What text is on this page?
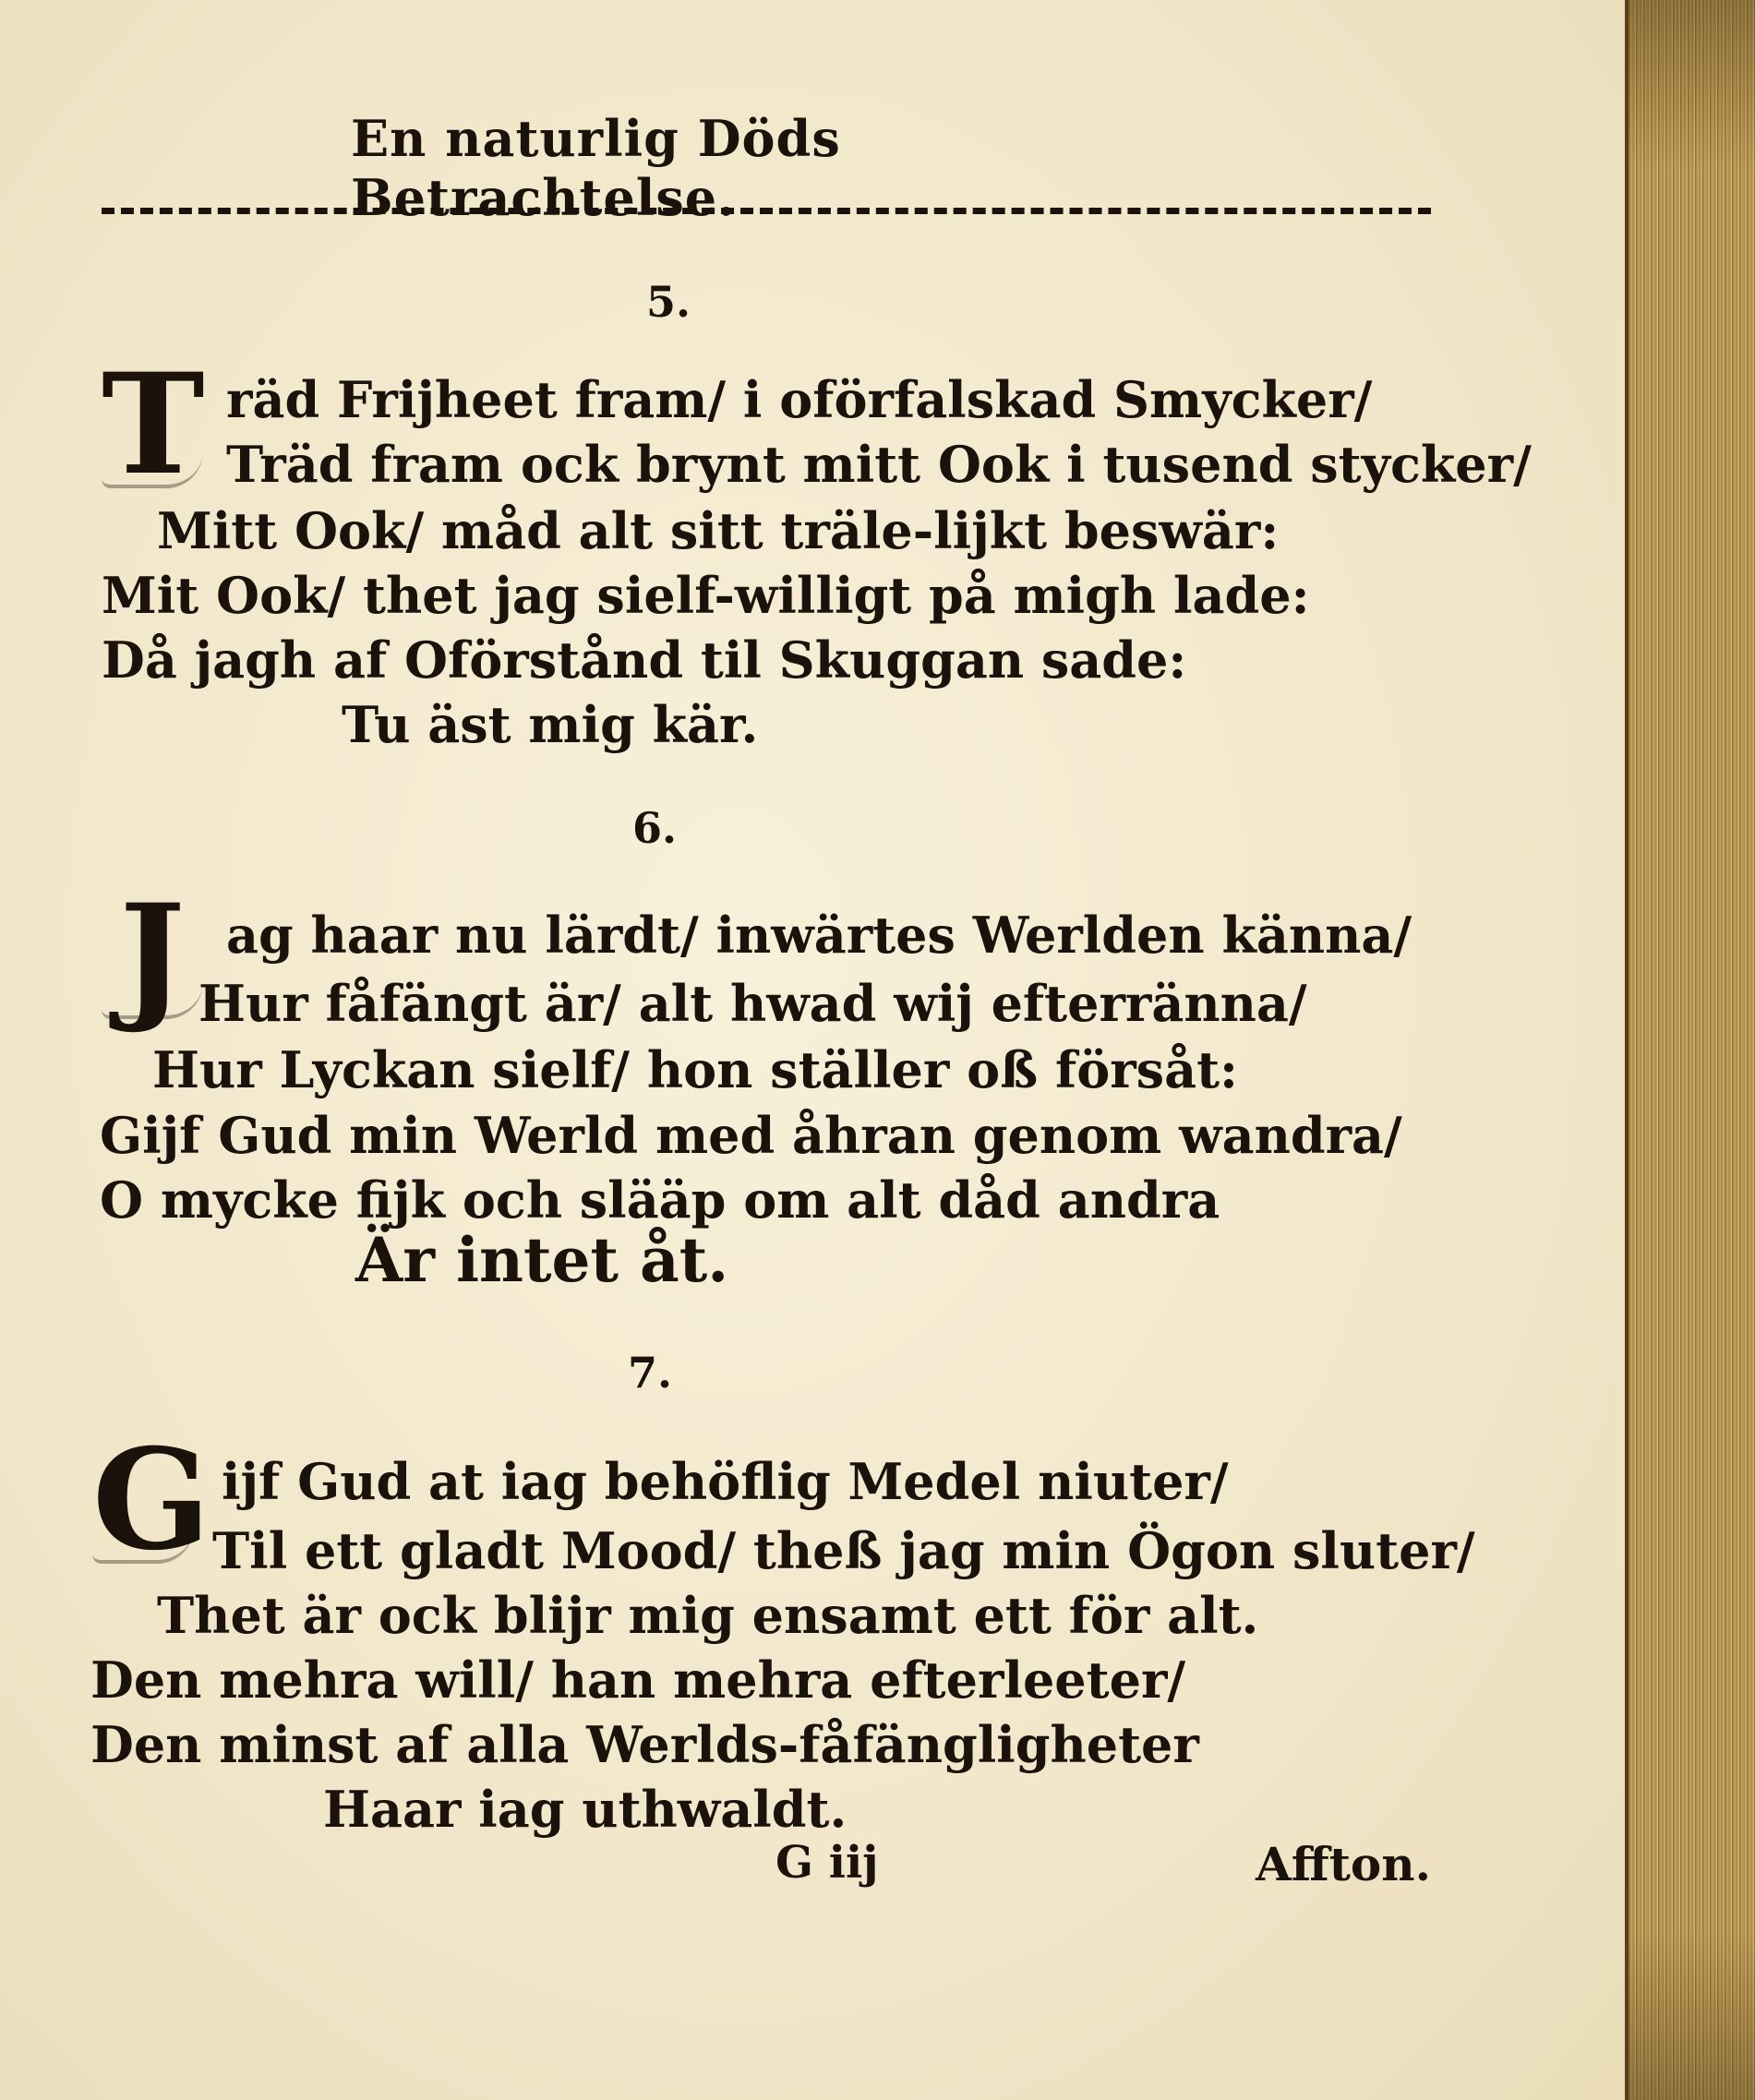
En naturlig Döds Betrachtelse.
5.
T räd Frijheet fram/ i oförfalskad Smycker/
Träd fram ock brynt mitt Ook i tusend stycker/
Mitt Ook/ måd alt sitt träle-lijkt beswär:
Mit Ook/ thet jag sielf-willigt på migh lade:
Då jagh af Oförstånd til Skuggan sade:
Tu äst mig kär.
6.
J ag haar nu lärdt/ inwärtes Werlden känna/
Hur fåfängt är/ alt hwad wij efterränna/
Hur Lyckan sielf/ hon ställer oß försåt:
Gijf Gud min Werld med åhran genom wandra/
O mycke fijk och slääp om alt dåd andra
Är intet åt.
7.
G ijf Gud at iag behöflig Medel niuter/
Til ett gladt Mood/ theß jag min Ögon sluter/
Thet är ock blijr mig ensamt ett för alt.
Den mehra will/ han mehra efterleeter/
Den minst af alla Werlds-fåfängligheter
Haar iag uthwaldt.
G iij	Affton.
